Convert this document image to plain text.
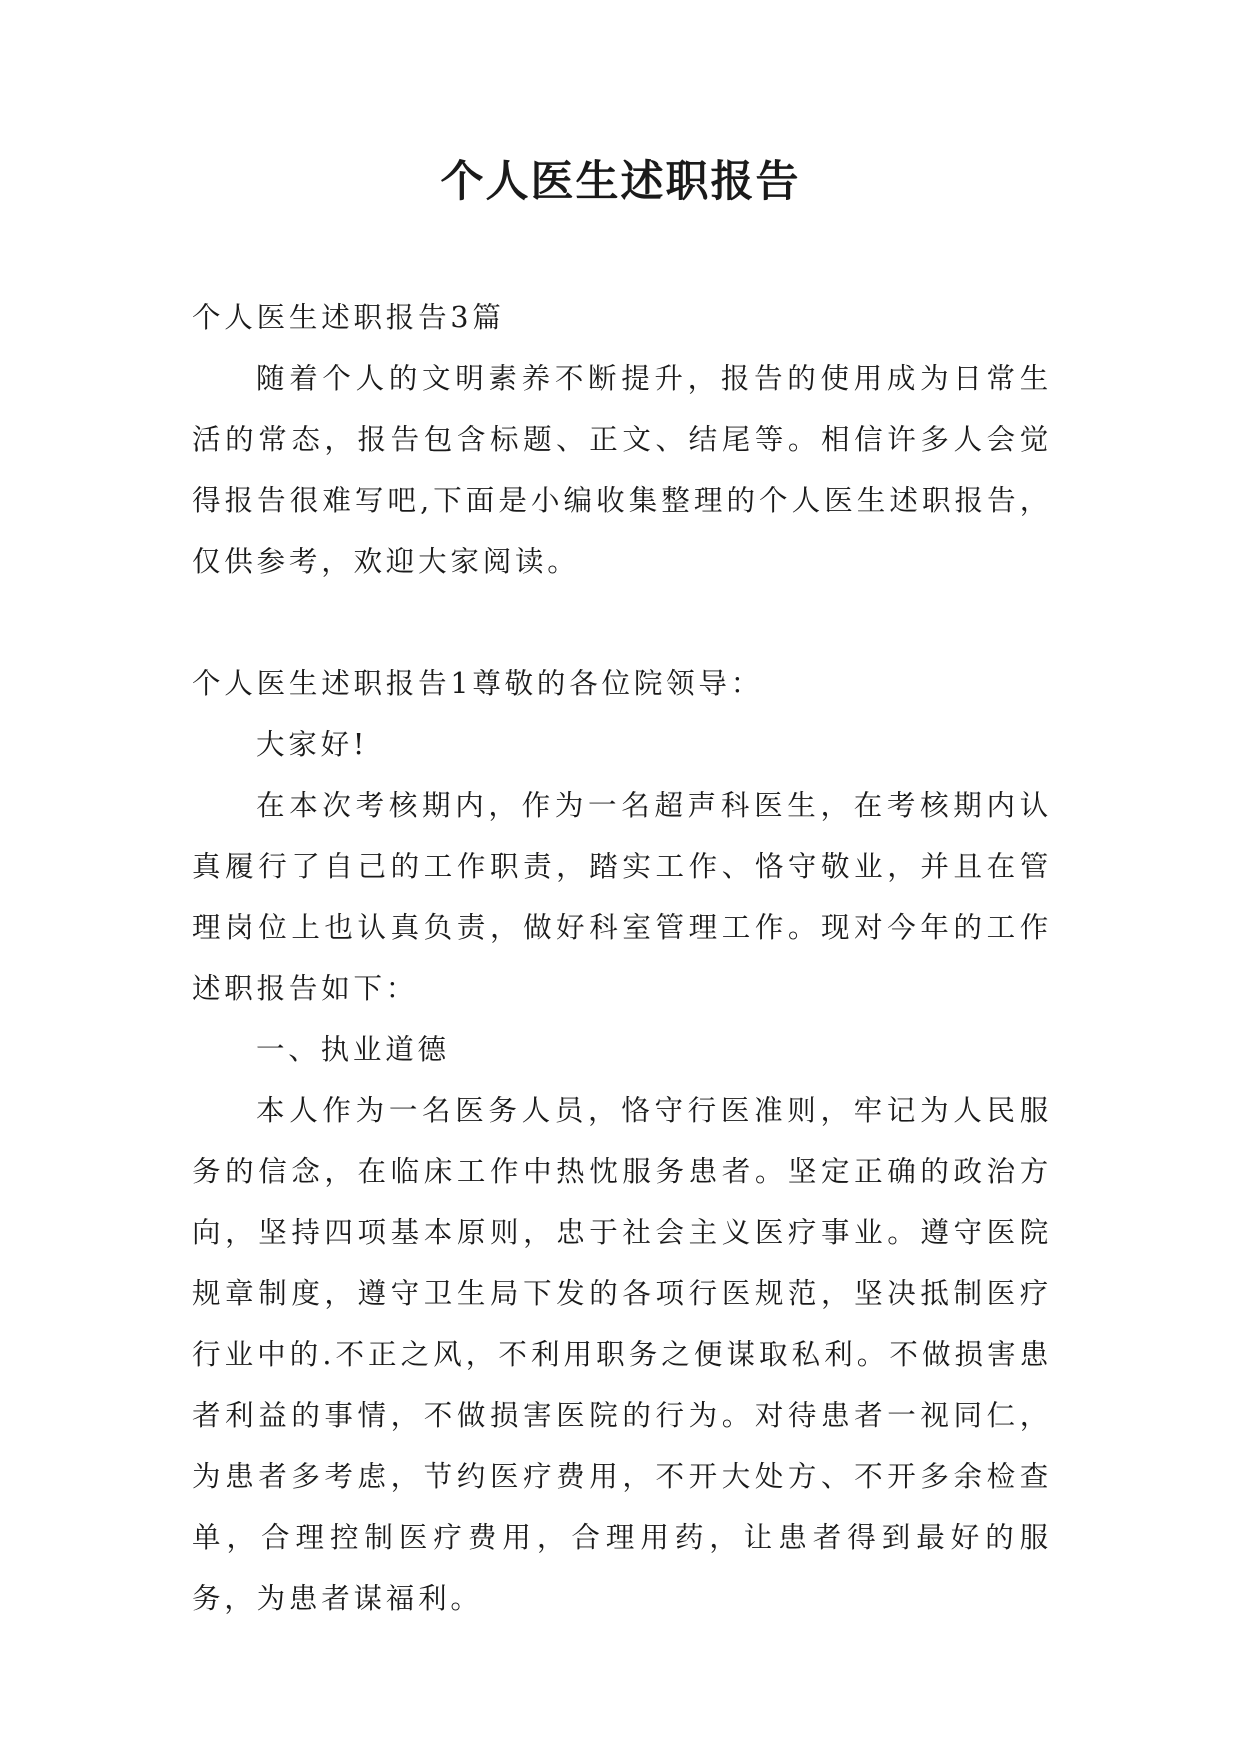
个人医生述职报告

个人医生述职报告3篇

随着个人的文明素养不断提升，报告的使用成为日常生活的常态，报告包含标题、正文、结尾等。相信许多人会觉得报告很难写吧,下面是小编收集整理的个人医生述职报告，仅供参考，欢迎大家阅读。

个人医生述职报告1尊敬的各位院领导：

大家好!

在本次考核期内，作为一名超声科医生，在考核期内认真履行了自己的工作职责，踏实工作、恪守敬业，并且在管理岗位上也认真负责，做好科室管理工作。现对今年的工作述职报告如下：

一、执业道德

本人作为一名医务人员，恪守行医准则，牢记为人民服务的信念，在临床工作中热忱服务患者。坚定正确的政治方向，坚持四项基本原则，忠于社会主义医疗事业。遵守医院规章制度，遵守卫生局下发的各项行医规范，坚决抵制医疗行业中的.不正之风，不利用职务之便谋取私利。不做损害患者利益的事情，不做损害医院的行为。对待患者一视同仁，为患者多考虑，节约医疗费用，不开大处方、不开多余检查单，合理控制医疗费用，合理用药，让患者得到最好的服务，为患者谋福利。
